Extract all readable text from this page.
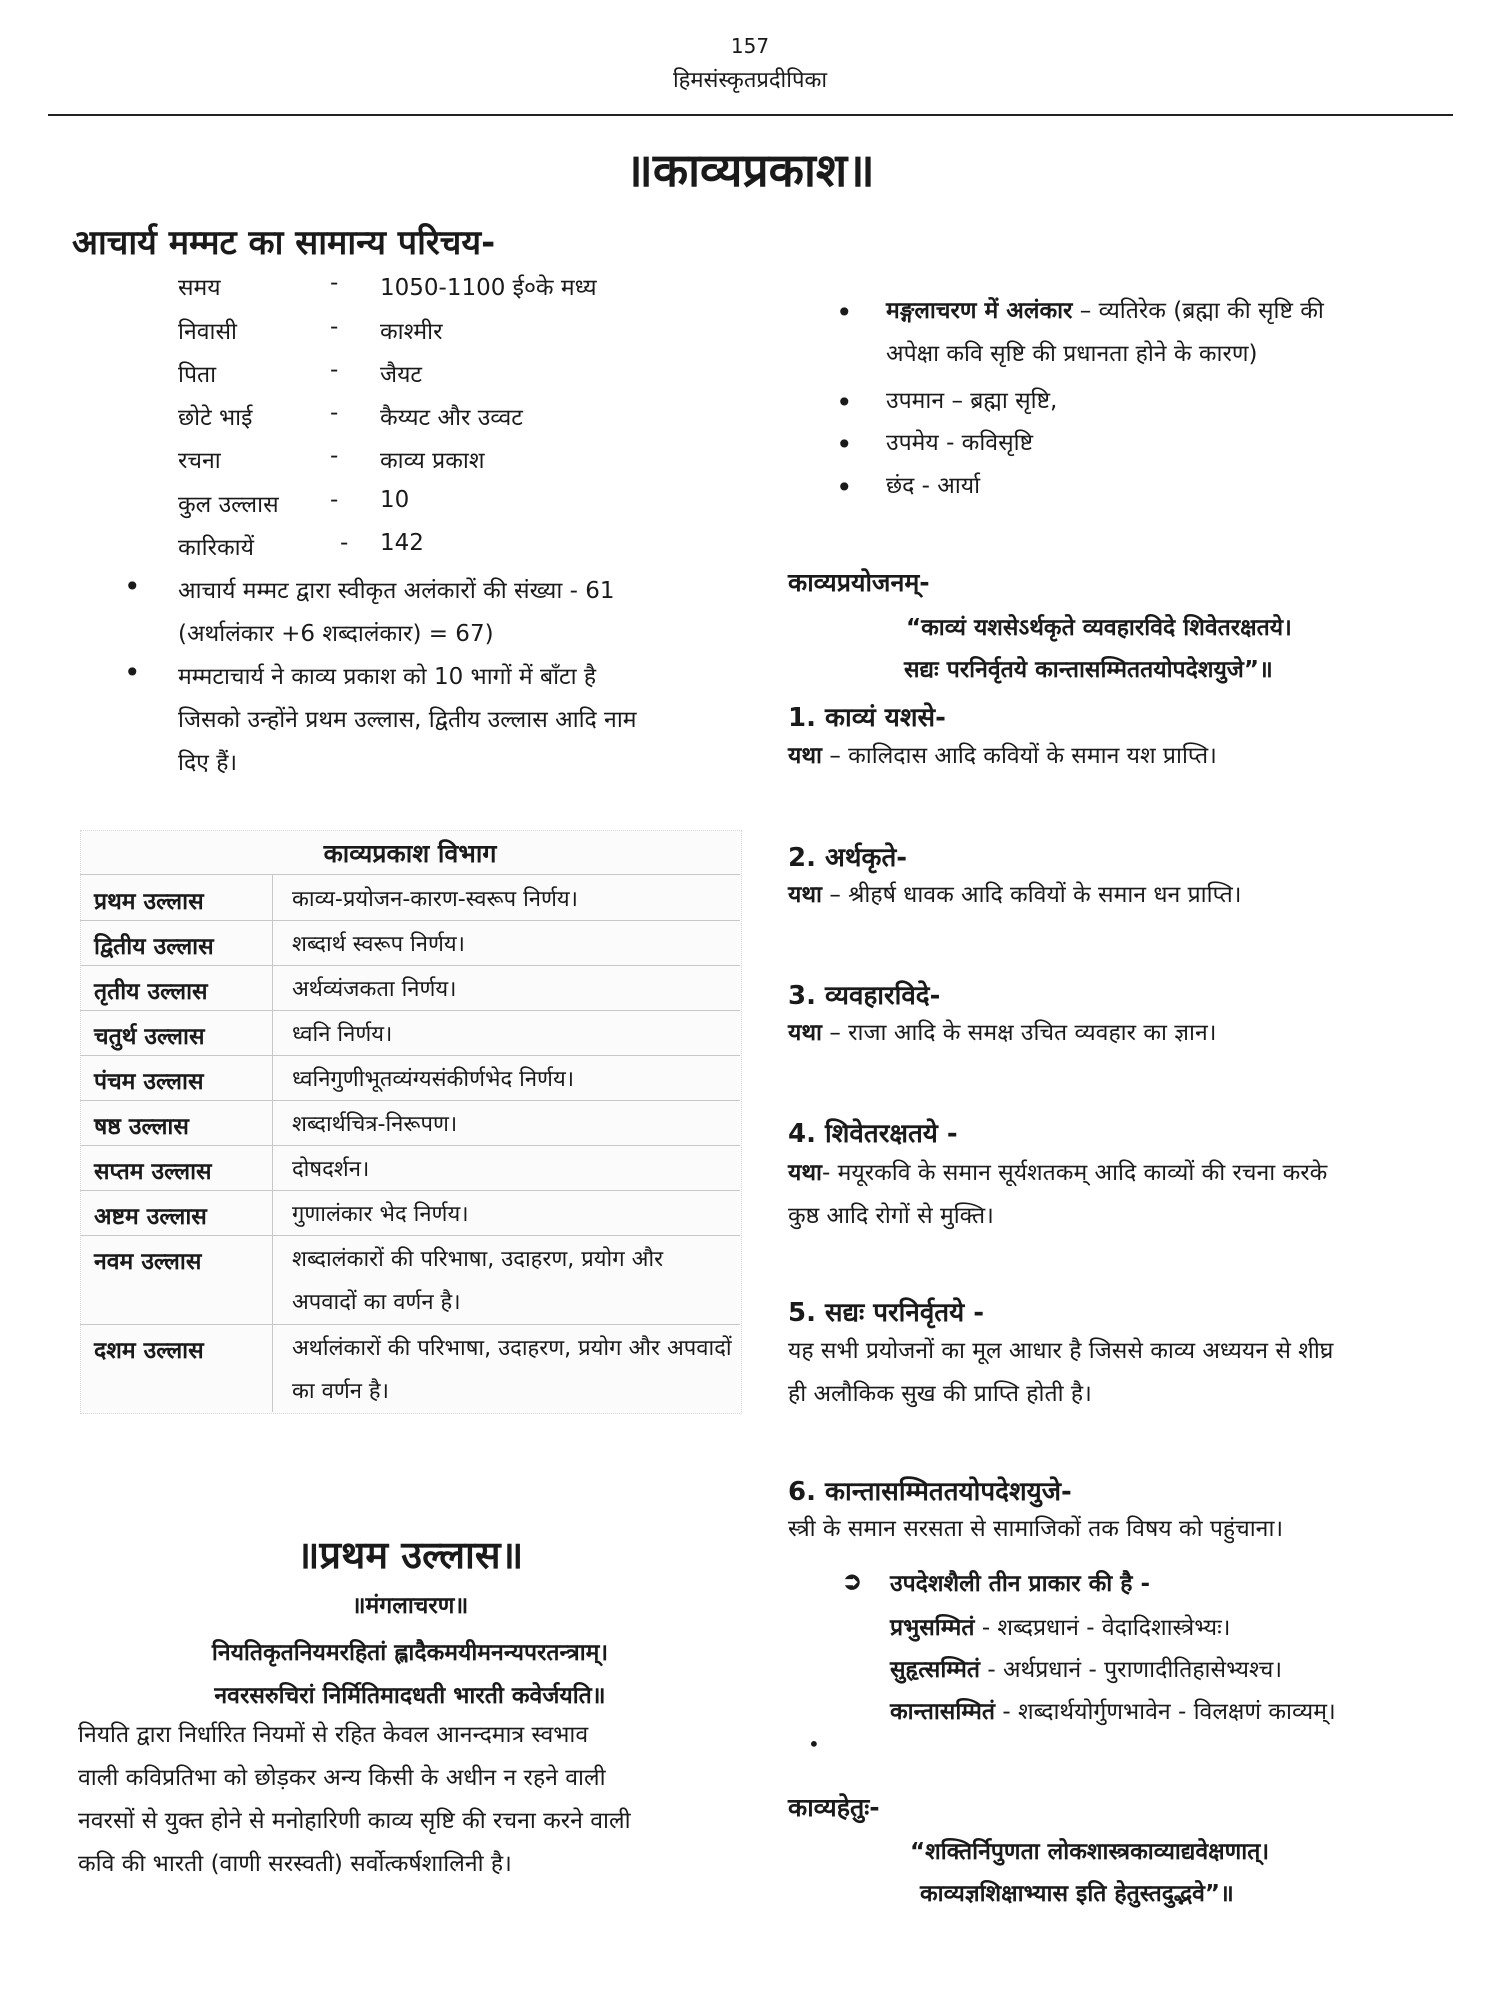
157
हिमसंस्कृतप्रदीपिका
॥काव्यप्रकाश॥
आचार्य मम्मट का सामान्य परिचय-
समय	- 1050-1100 ई०के मध्य
निवासी	- काश्मीर
पिता	- जैयट
छोटे भाई	- कैय्यट और उव्वट
रचना	- काव्य प्रकाश
कुल उल्लास - 10
कारिकायें	- 142
• आचार्य मम्मट द्वारा स्वीकृत अलंकारों की संख्या - 61
(अर्थालंकार +6 शब्दालंकार) = 67)
• मम्मटाचार्य ने काव्य प्रकाश को 10 भागों में बाँटा है
जिसको उन्होंने प्रथम उल्लास, द्वितीय उल्लास आदि नाम
दिए हैं।
काव्यप्रकाश विभाग
प्रथम उल्लास	काव्य-प्रयोजन-कारण-स्वरूप निर्णय।
द्वितीय उल्लास	शब्दार्थ स्वरूप निर्णय।
तृतीय उल्लास	अर्थव्यंजकता निर्णय।
चतुर्थ उल्लास	ध्वनि निर्णय।
पंचम उल्लास	ध्वनिगुणीभूतव्यंग्यसंकीर्णभेद निर्णय।
षष्ठ उल्लास	शब्दार्थचित्र-निरूपण।
सप्तम उल्लास	दोषदर्शन।
अष्टम उल्लास	गुणालंकार भेद निर्णय।
नवम उल्लास	शब्दालंकारों की परिभाषा, उदाहरण, प्रयोग और अपवादों का वर्णन है।
दशम उल्लास	अर्थालंकारों की परिभाषा, उदाहरण, प्रयोग और अपवादों का वर्णन है।
॥प्रथम उल्लास॥
॥मंगलाचरण॥
नियतिकृतनियमरहितां ह्लादैकमयीमनन्यपरतन्त्राम्।
नवरसरुचिरां निर्मितिमादधती भारती कवेर्जयति॥
नियति द्वारा निर्धारित नियमों से रहित केवल आनन्दमात्र स्वभाव
वाली कविप्रतिभा को छोड़कर अन्य किसी के अधीन न रहने वाली
नवरसों से युक्त होने से मनोहारिणी काव्य सृष्टि की रचना करने वाली
कवि की भारती (वाणी सरस्वती) सर्वोत्कर्षशालिनी है।
• मङ्गलाचरण में अलंकार – व्यतिरेक (ब्रह्मा की सृष्टि की
अपेक्षा कवि सृष्टि की प्रधानता होने के कारण)
• उपमान – ब्रह्मा सृष्टि,
• उपमेय - कविसृष्टि
• छंद - आर्या
काव्यप्रयोजनम्-
“काव्यं यशसेऽर्थकृते व्यवहारविदे शिवेतरक्षतये।
सद्यः परनिर्वृतये कान्तासम्मिततयोपदेशयुजे”॥
1. काव्यं यशसे-
यथा – कालिदास आदि कवियों के समान यश प्राप्ति।
2. अर्थकृते-
यथा – श्रीहर्ष धावक आदि कवियों के समान धन प्राप्ति।
3. व्यवहारविदे-
यथा – राजा आदि के समक्ष उचित व्यवहार का ज्ञान।
4. शिवेतरक्षतये -
यथा- मयूरकवि के समान सूर्यशतकम् आदि काव्यों की रचना करके
कुष्ठ आदि रोगों से मुक्ति।
5. सद्यः परनिर्वृतये -
यह सभी प्रयोजनों का मूल आधार है जिससे काव्य अध्ययन से शीघ्र
ही अलौकिक सुख की प्राप्ति होती है।
6. कान्तासम्मिततयोपदेशयुजे-
स्त्री के समान सरसता से सामाजिकों तक विषय को पहुंचाना।
➲ उपदेशशैली तीन प्राकार की है -
प्रभुसम्मितं - शब्दप्रधानं - वेदादिशास्त्रेभ्यः।
सुहृत्सम्मितं - अर्थप्रधानं - पुराणादीतिहासेभ्यश्च।
कान्तासम्मितं - शब्दार्थयोर्गुणभावेन - विलक्षणं काव्यम्।
•
काव्यहेतुः-
“शक्तिर्निपुणता लोकशास्त्रकाव्याद्यवेक्षणात्।
काव्यज्ञशिक्षाभ्यास इति हेतुस्तदुद्भवे”॥
